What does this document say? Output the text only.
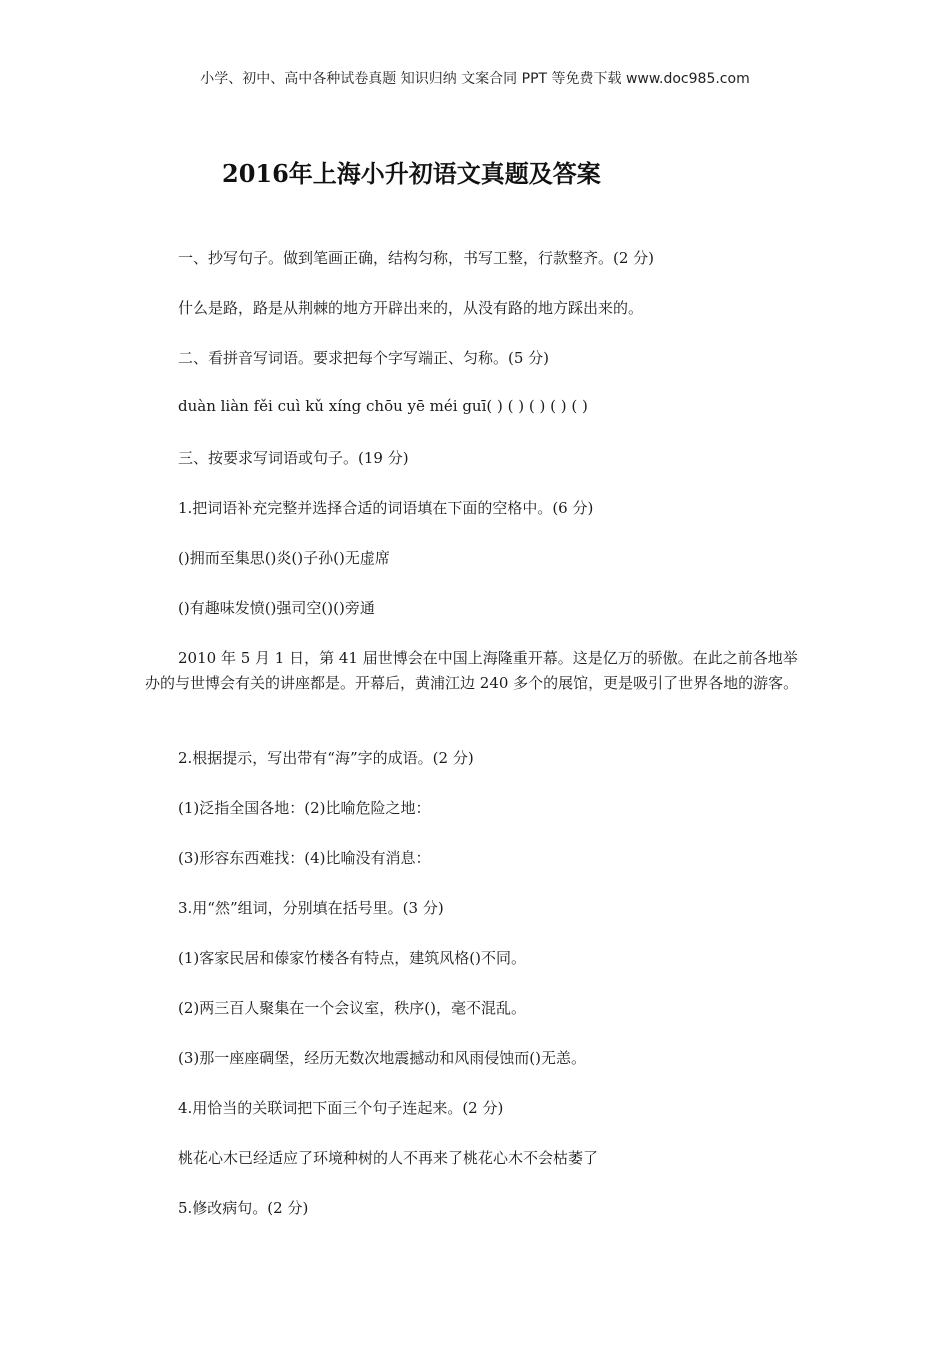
小学、初中、高中各种试卷真题 知识归纳 文案合同 PPT 等免费下载 www.doc985.com
2016年上海小升初语文真题及答案
一、抄写句子。做到笔画正确，结构匀称，书写工整，行款整齐。(2 分)
什么是路，路是从荆棘的地方开辟出来的，从没有路的地方踩出来的。
二、看拼音写词语。要求把每个字写端正、匀称。(5 分)
duàn liàn fěi cuì kǔ xíng chōu yē méi guī( ) ( ) ( ) ( ) ( )
三、按要求写词语或句子。(19 分)
1.把词语补充完整并选择合适的词语填在下面的空格中。(6 分)
()拥而至集思()炎()子孙()无虚席
()有趣味发愤()强司空()()旁通
2010 年 5 月 1 日，第 41 届世博会在中国上海隆重开幕。这是亿万的骄傲。在此之前各地举办的与世博会有关的讲座都是。开幕后，黄浦江边 240 多个的展馆，更是吸引了世界各地的游客。
2.根据提示，写出带有“海”字的成语。(2 分)
(1)泛指全国各地：(2)比喻危险之地：
(3)形容东西难找：(4)比喻没有消息：
3.用“然”组词，分别填在括号里。(3 分)
(1)客家民居和傣家竹楼各有特点，建筑风格()不同。
(2)两三百人聚集在一个会议室，秩序()，毫不混乱。
(3)那一座座碉堡，经历无数次地震撼动和风雨侵蚀而()无恙。
4.用恰当的关联词把下面三个句子连起来。(2 分)
桃花心木已经适应了环境种树的人不再来了桃花心木不会枯萎了
5.修改病句。(2 分)
